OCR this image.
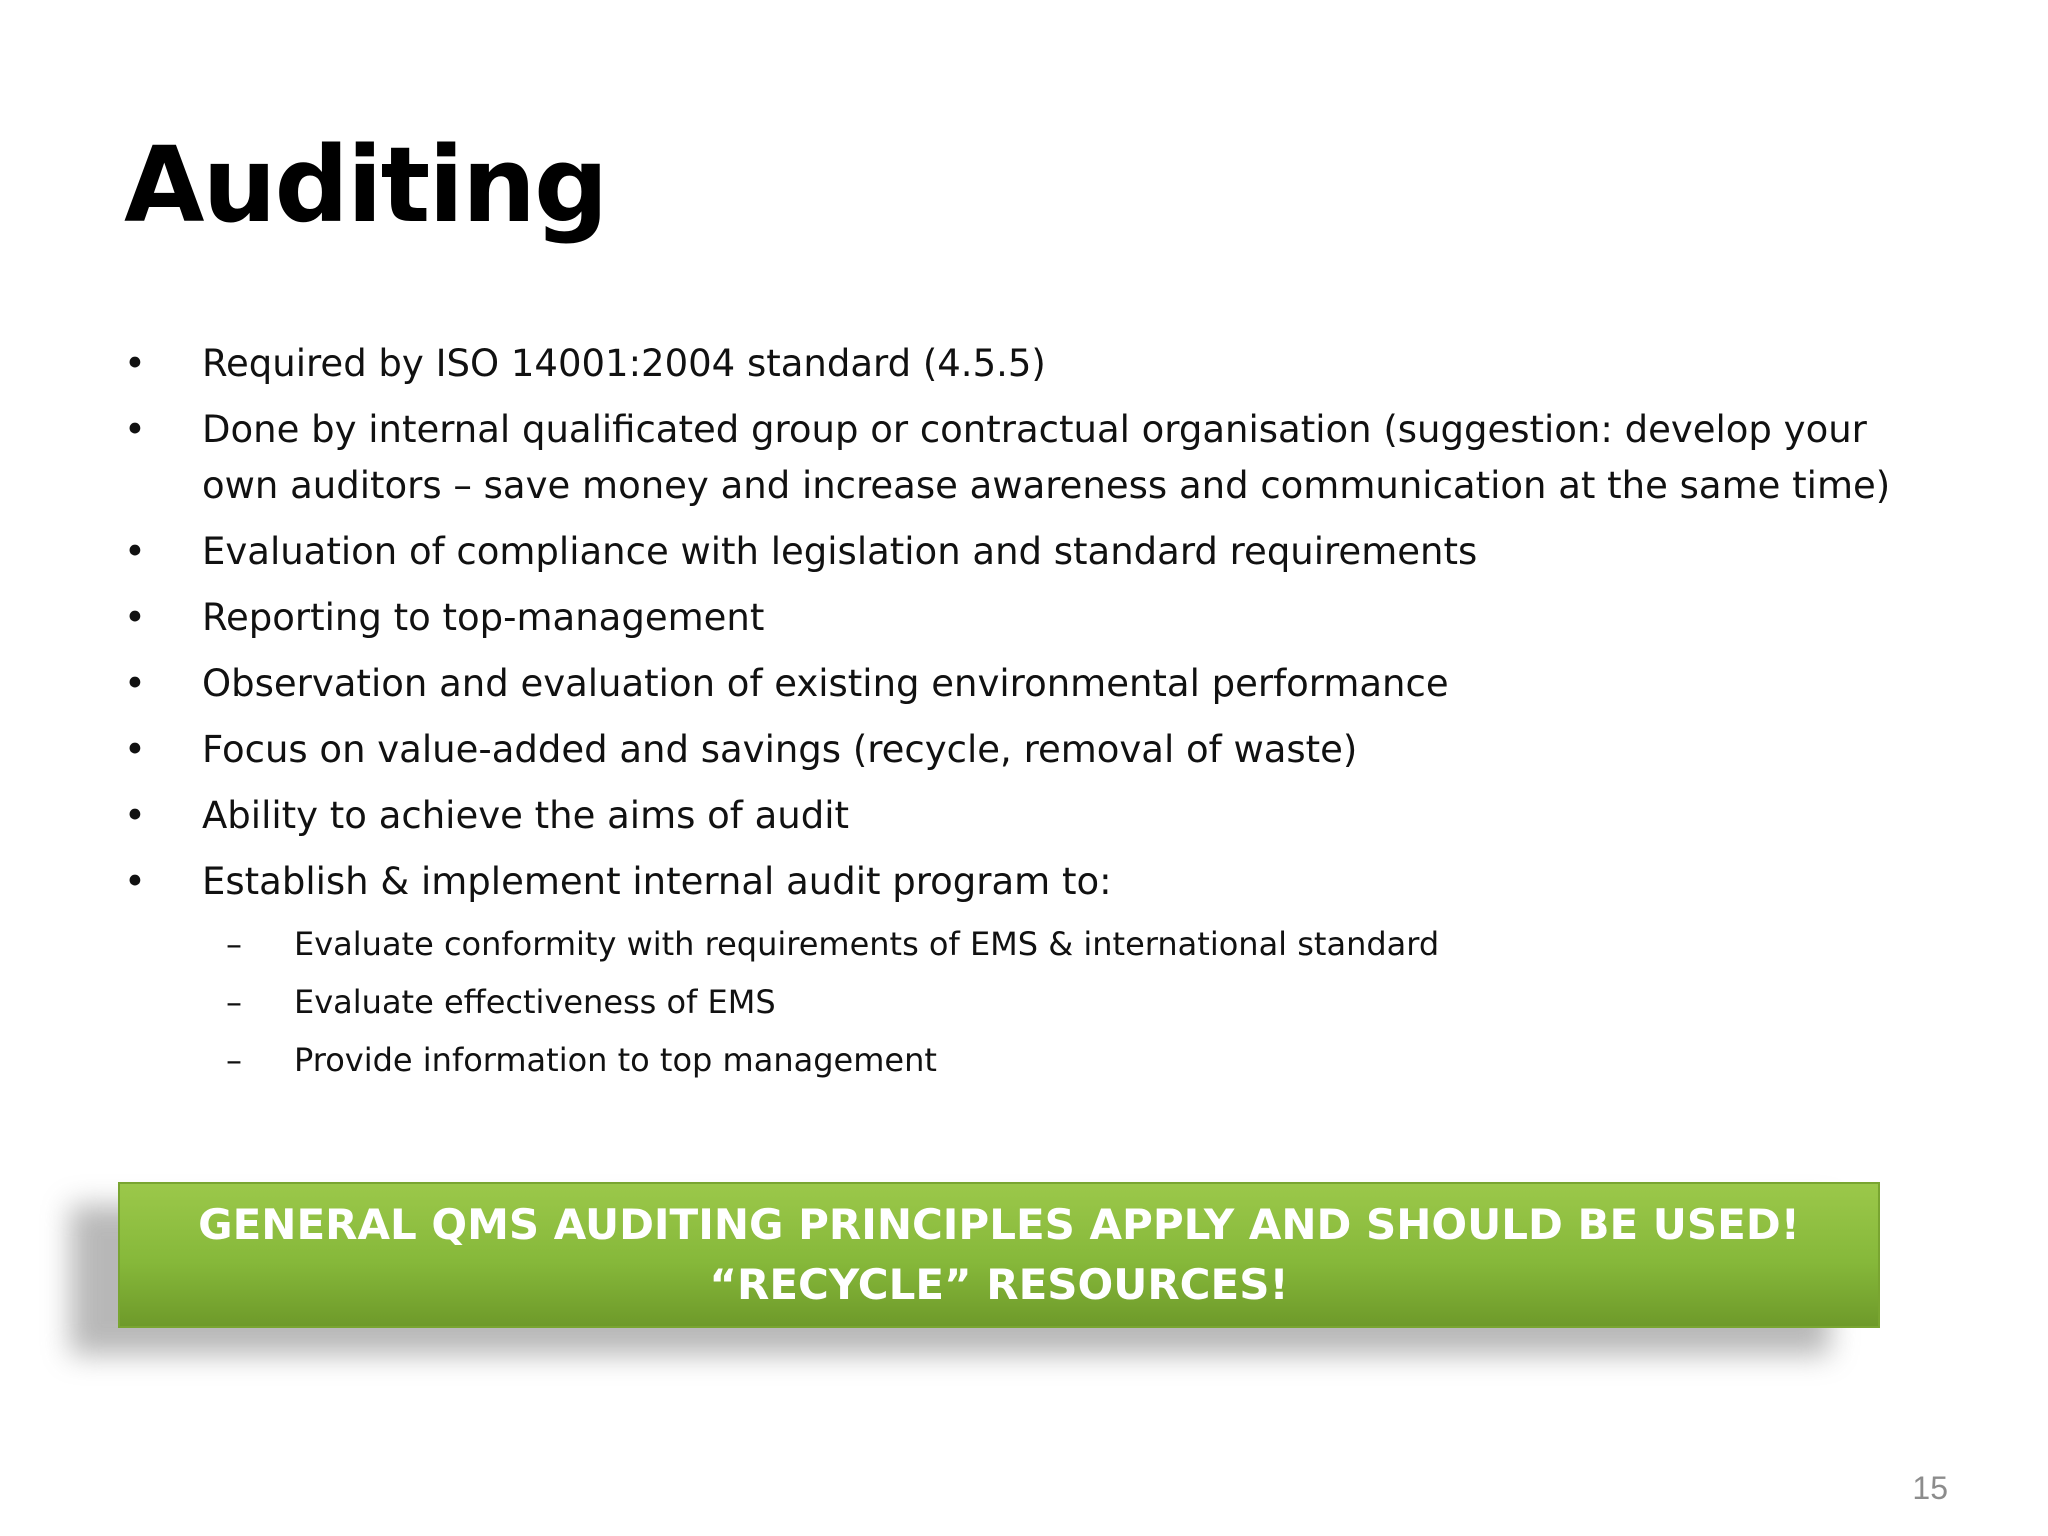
Auditing
• Required by ISO 14001:2004 standard (4.5.5)
• Done by internal qualificated group or contractual organisation (suggestion: develop your own auditors – save money and increase awareness and communication at the same time)
• Evaluation of compliance with legislation and standard requirements
• Reporting to top-management
• Observation and evaluation of existing environmental performance
• Focus on value-added and savings (recycle, removal of waste)
• Ability to achieve the aims of audit
• Establish & implement internal audit program to:
– Evaluate conformity with requirements of EMS & international standard
– Evaluate effectiveness of EMS
– Provide information to top management
GENERAL QMS AUDITING PRINCIPLES APPLY AND SHOULD BE USED!
“RECYCLE” RESOURCES!
15
